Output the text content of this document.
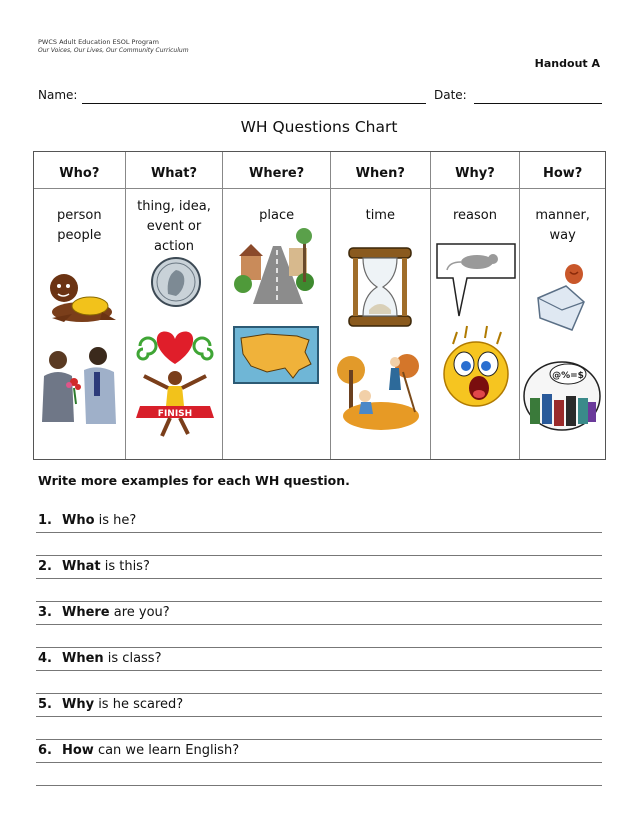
PWCS Adult Education ESOL Program
Our Voices, Our Lives, Our Community Curriculum
Handout A
Name:	Date:
WH Questions Chart
Who?
person
people
What?
thing, idea,
event or
action
FINISH
Where?
place
When?
time
Why?
reason
How?
manner,
way
@%=$
Write more examples for each WH question.
1. Who is he?
2. What is this?
3. Where are you?
4. When is class?
5. Why is he scared?
6. How can we learn English?
